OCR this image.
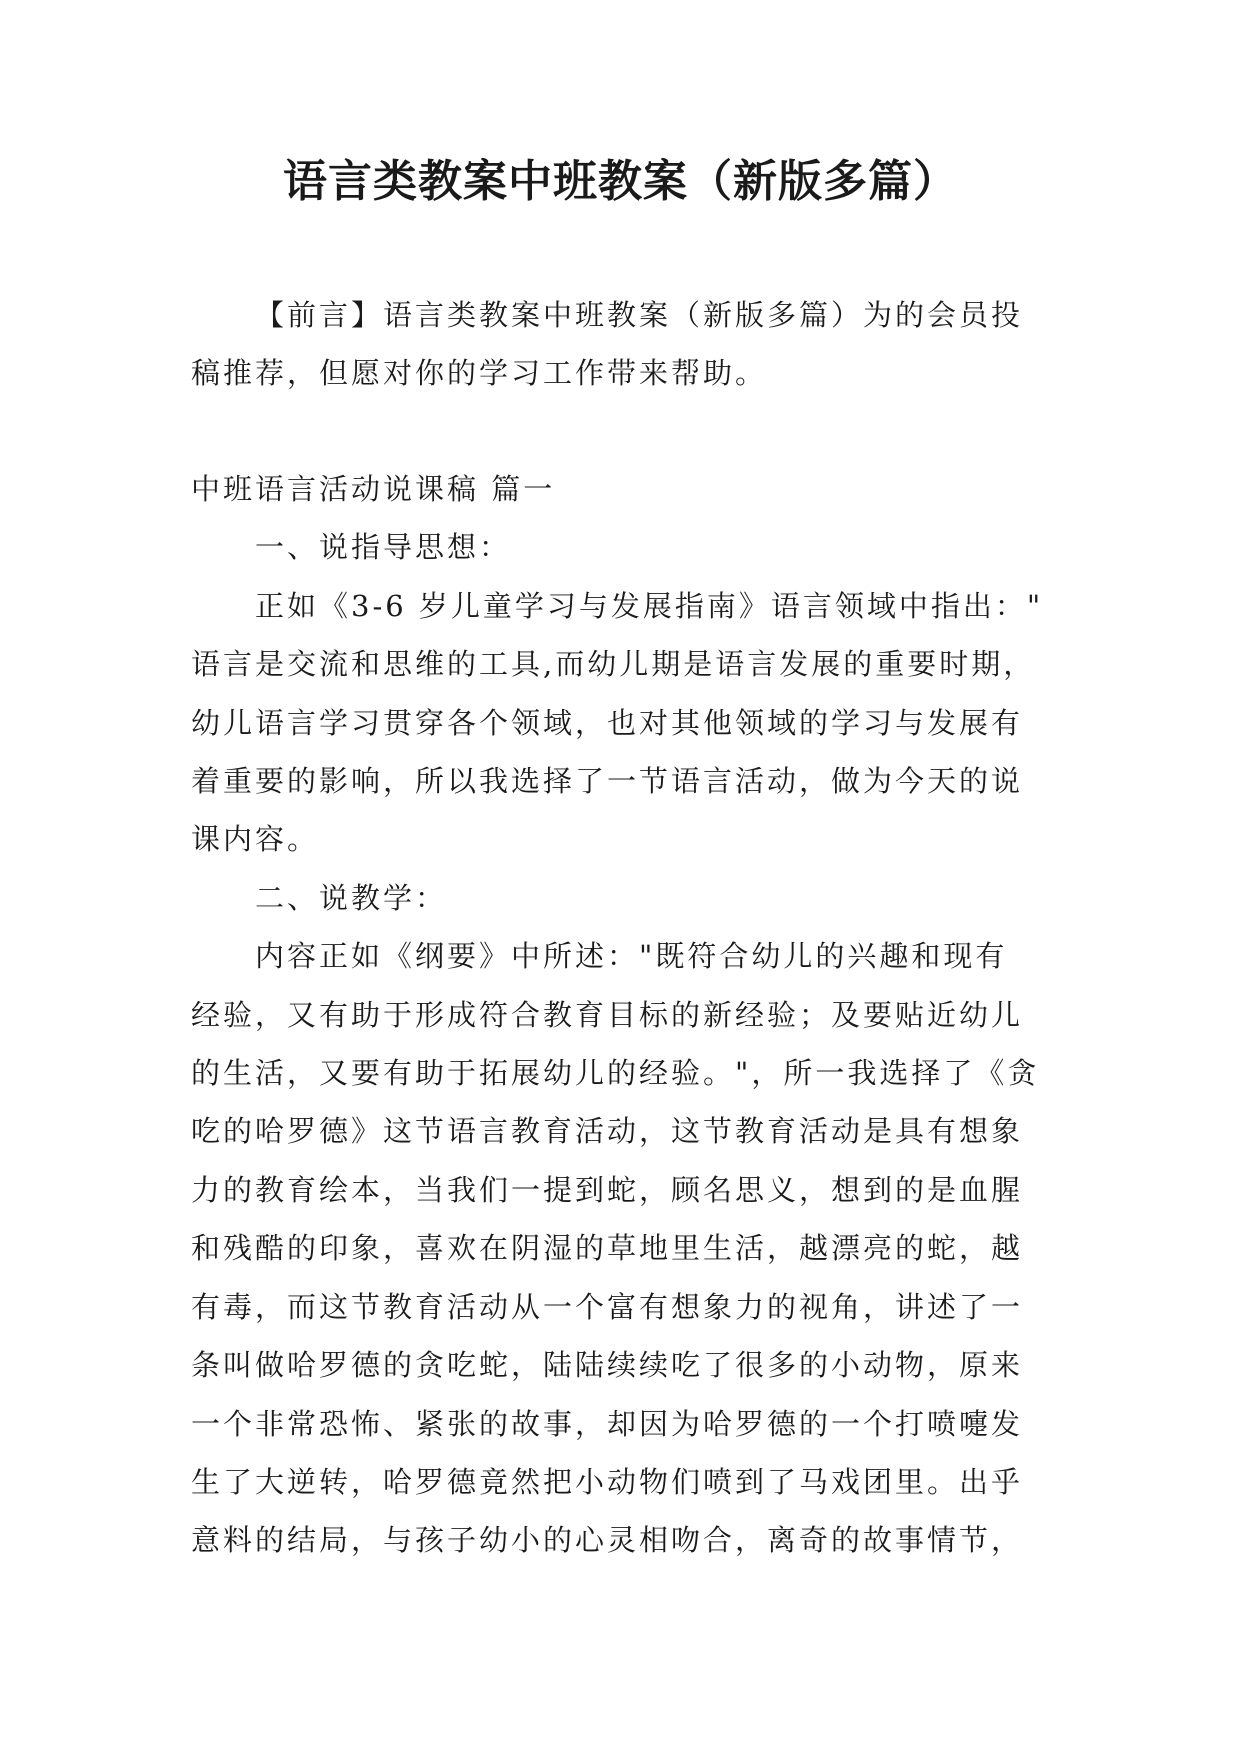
语言类教案中班教案（新版多篇）
【前言】语言类教案中班教案（新版多篇）为的会员投
稿推荐，但愿对你的学习工作带来帮助。
中班语言活动说课稿 篇一
一、说指导思想：
正如《3-6 岁儿童学习与发展指南》语言领域中指出："
语言是交流和思维的工具,而幼儿期是语言发展的重要时期，
幼儿语言学习贯穿各个领域，也对其他领域的学习与发展有
着重要的影响，所以我选择了一节语言活动，做为今天的说
课内容。
二、说教学：
内容正如《纲要》中所述："既符合幼儿的兴趣和现有
经验，又有助于形成符合教育目标的新经验；及要贴近幼儿
的生活，又要有助于拓展幼儿的经验。"，所一我选择了《贪
吃的哈罗德》这节语言教育活动，这节教育活动是具有想象
力的教育绘本，当我们一提到蛇，顾名思义，想到的是血腥
和残酷的印象，喜欢在阴湿的草地里生活，越漂亮的蛇，越
有毒，而这节教育活动从一个富有想象力的视角，讲述了一
条叫做哈罗德的贪吃蛇，陆陆续续吃了很多的小动物，原来
一个非常恐怖、紧张的故事，却因为哈罗德的一个打喷嚏发
生了大逆转，哈罗德竟然把小动物们喷到了马戏团里。出乎
意料的结局，与孩子幼小的心灵相吻合，离奇的故事情节，
